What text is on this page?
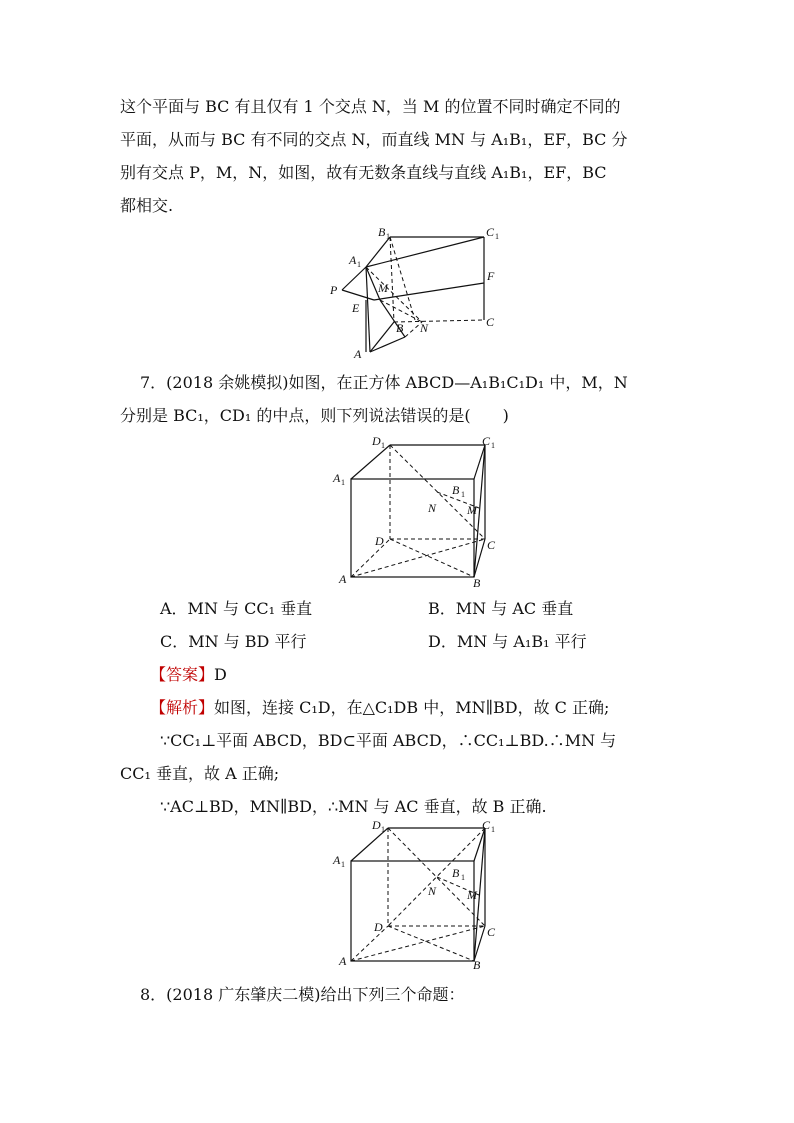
这个平面与 BC 有且仅有 1 个交点 N，当 M 的位置不同时确定不同的
平面，从而与 BC 有不同的交点 N，而直线 MN 与 A₁B₁，EF，BC 分
别有交点 P，M，N，如图，故有无数条直线与直线 A₁B₁，EF，BC
都相交.
B 1	C 1
A 1
P	M
E
F
B N	C
A
7．(2018 余姚模拟)如图，在正方体 ABCD—A₁B₁C₁D₁ 中，M，N
分别是 BC₁，CD₁ 的中点，则下列说法错误的是(　　)
D 1	C 1
A 1
B 1
N	M
D	C
A	B
A．MN 与 CC₁ 垂直	B．MN 与 AC 垂直
C．MN 与 BD 平行	D．MN 与 A₁B₁ 平行
【答案】D
【解析】如图，连接 C₁D，在△C₁DB 中，MN∥BD，故 C 正确;
∵CC₁⊥平面 ABCD，BD⊂平面 ABCD，∴CC₁⊥BD.∴MN 与
CC₁ 垂直，故 A 正确;
∵AC⊥BD，MN∥BD，∴MN 与 AC 垂直，故 B 正确.
D 1	C 1
A 1
B 1
N	M
D	C
A	B
8．(2018 广东肇庆二模)给出下列三个命题：
